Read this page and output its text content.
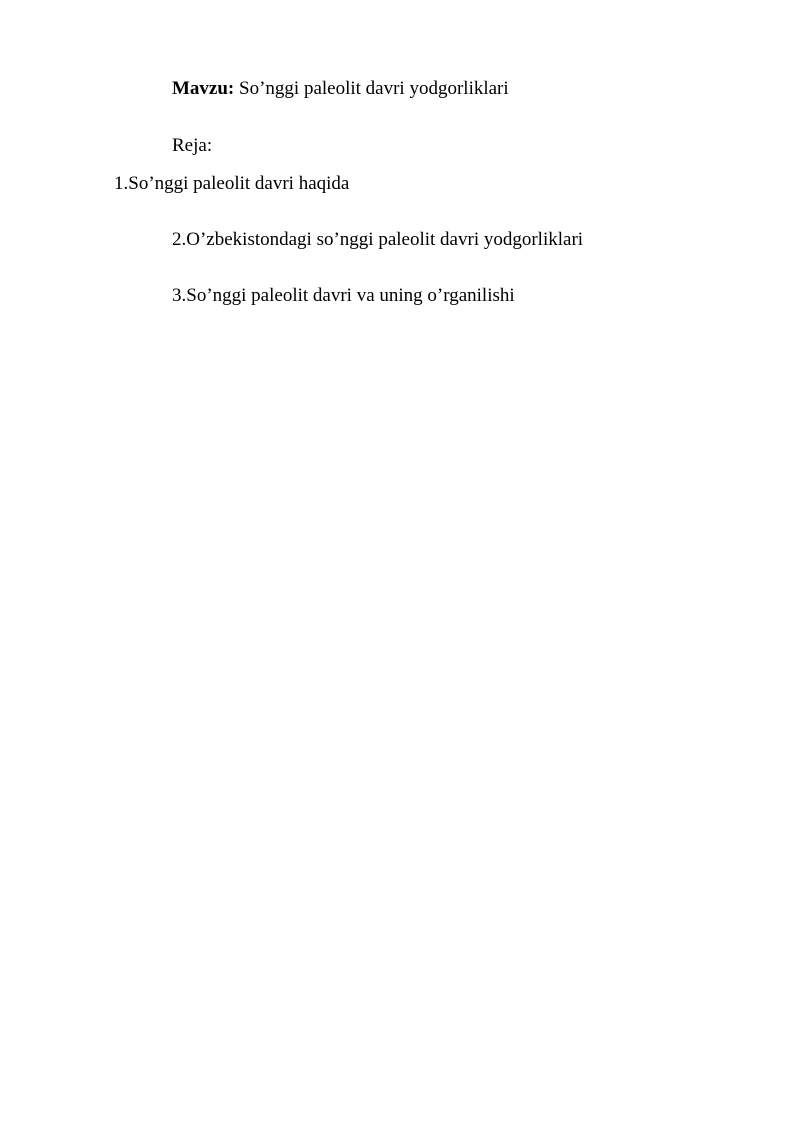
Mavzu: So’nggi paleolit davri yodgorliklari
Reja:
1.So’nggi paleolit davri haqida
2.O’zbekistondagi so’nggi paleolit davri yodgorliklari
3.So’nggi paleolit davri va uning o’rganilishi
